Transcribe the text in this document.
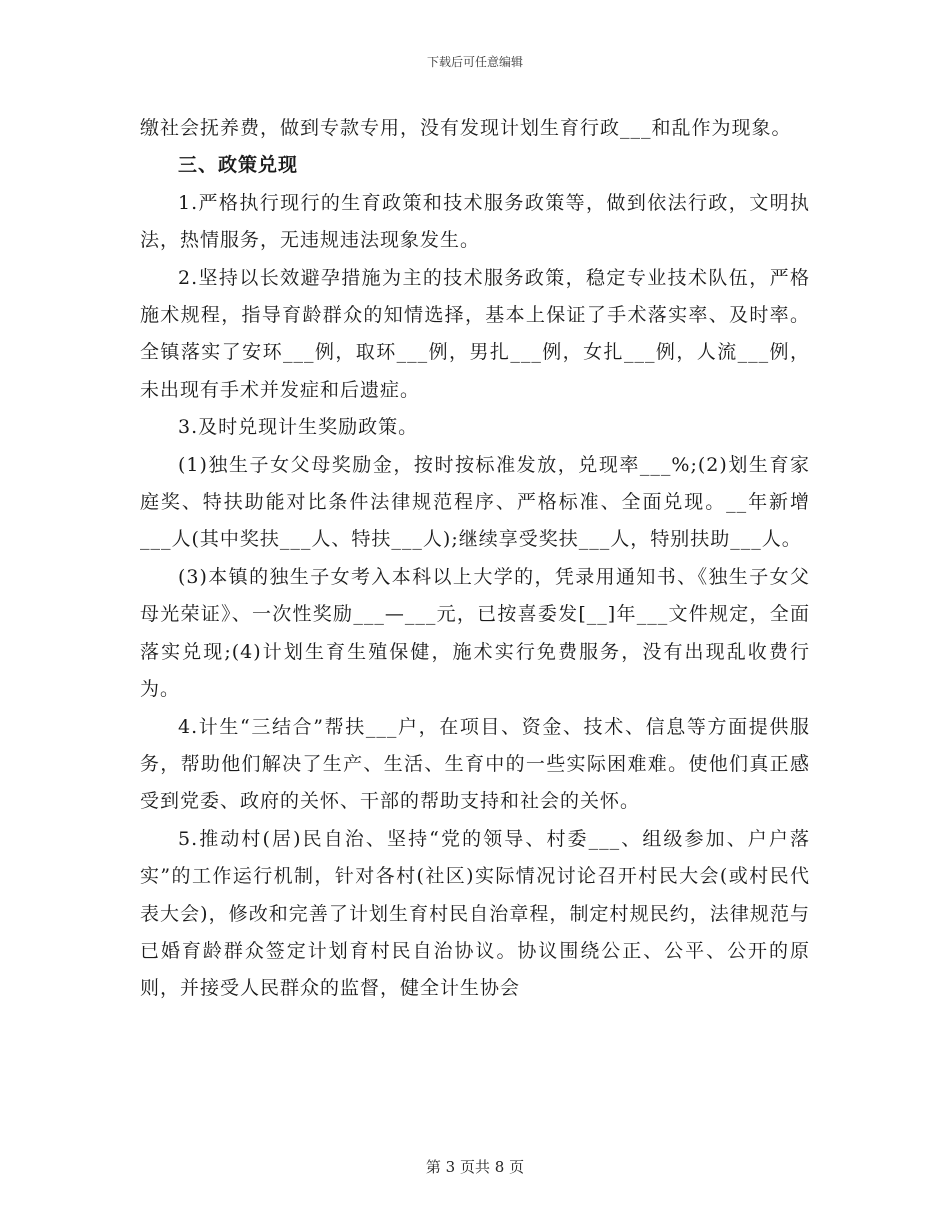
下载后可任意编辑

缴社会抚养费，做到专款专用，没有发现计划生育行政___和乱作为现象。

三、政策兑现

1.严格执行现行的生育政策和技术服务政策等，做到依法行政，文明执法，热情服务，无违规违法现象发生。

2.坚持以长效避孕措施为主的技术服务政策，稳定专业技术队伍，严格施术规程，指导育龄群众的知情选择，基本上保证了手术落实率、及时率。全镇落实了安环___例，取环___例，男扎___例，女扎___例，人流___例，未出现有手术并发症和后遗症。

3.及时兑现计生奖励政策。

(1)独生子女父母奖励金，按时按标准发放，兑现率___%;(2)划生育家庭奖、特扶助能对比条件法律规范程序、严格标准、全面兑现。__年新增___人(其中奖扶___人、特扶___人);继续享受奖扶___人，特别扶助___人。

(3)本镇的独生子女考入本科以上大学的，凭录用通知书、《独生子女父母光荣证》、一次性奖励___—___元，已按喜委发[__]年___文件规定，全面落实兑现;(4)计划生育生殖保健，施术实行免费服务，没有出现乱收费行为。

4.计生“三结合”帮扶___户，在项目、资金、技术、信息等方面提供服务，帮助他们解决了生产、生活、生育中的一些实际困难难。使他们真正感受到党委、政府的关怀、干部的帮助支持和社会的关怀。

5.推动村(居)民自治、坚持“党的领导、村委___、组级参加、户户落实”的工作运行机制，针对各村(社区)实际情况讨论召开村民大会(或村民代表大会)，修改和完善了计划生育村民自治章程，制定村规民约，法律规范与已婚育龄群众签定计划育村民自治协议。协议围绕公正、公平、公开的原则，并接受人民群众的监督，健全计生协会

第 3 页共 8 页
